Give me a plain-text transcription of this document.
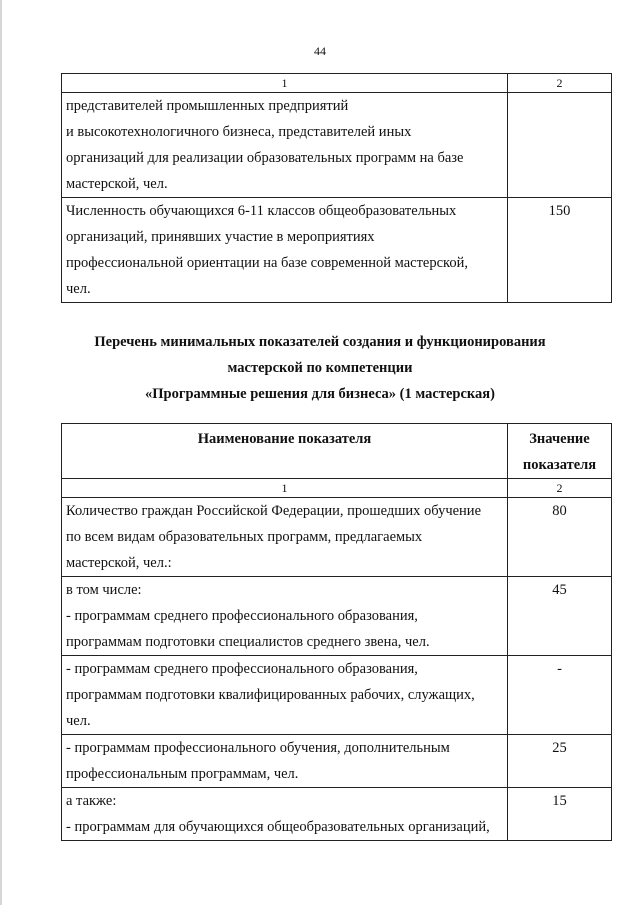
44
1	2

представителей промышленных предприятий
и высокотехнологичного бизнеса, представителей иных
организаций для реализации образовательных программ на базе
мастерской, чел.	

Численность обучающихся 6-11 классов общеобразовательных
организаций, принявших участие в мероприятиях
профессиональной ориентации на базе современной мастерской,
чел.	150
Перечень минимальных показателей создания и функционирования
мастерской по компетенции
«Программные решения для бизнеса» (1 мастерская)
Наименование показателя	Значение
показателя

1	2

Количество граждан Российской Федерации, прошедших обучение
по всем видам образовательных программ, предлагаемых
мастерской, чел.:	80

в том числе:
- программам среднего профессионального образования,
программам подготовки специалистов среднего звена, чел.	45

- программам среднего профессионального образования,
программам подготовки квалифицированных рабочих, служащих,
чел.	-

- программам профессионального обучения, дополнительным
профессиональным программам, чел.	25

а также:
- программам для обучающихся общеобразовательных организаций,	15
